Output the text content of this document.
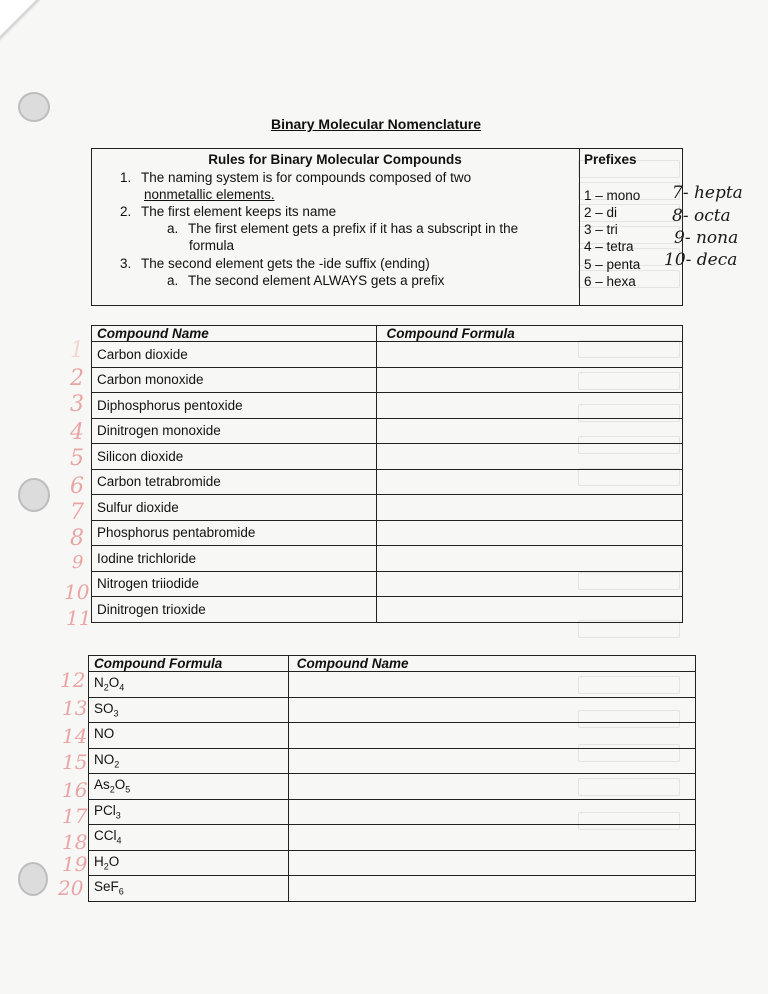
Binary Molecular Nomenclature
Rules for Binary Molecular Compounds	Prefixes
1. The naming system is for compounds composed of two
nonmetallic elements.
2. The first element keeps its name
a. The first element gets a prefix if it has a subscript in the
formula
3. The second element gets the -ide suffix (ending)
a. The second element ALWAYS gets a prefix
1 – mono
2 – di
3 – tri
4 – tetra
5 – penta
6 – hexa
7- hepta
8- octa
9- nona
10- deca
Compound Name	Compound Formula
Carbon dioxide	
Carbon monoxide	
Diphosphorus pentoxide	
Dinitrogen monoxide	
Silicon dioxide	
Carbon tetrabromide	
Sulfur dioxide	
Phosphorus pentabromide	
Iodine trichloride	
Nitrogen triiodide	
Dinitrogen trioxide	
Compound Formula	Compound Name
$N_2O_4$	
$SO_3$	
NO	
$NO_2$	
$As_2O_5$	
PCl$_3$	
CCl$_4$	
$H_2O$	
SeF$_6$	
1
2
3
4
5
6
7
8
9
10
11
12
13
14
15
16
17
18
19
20
